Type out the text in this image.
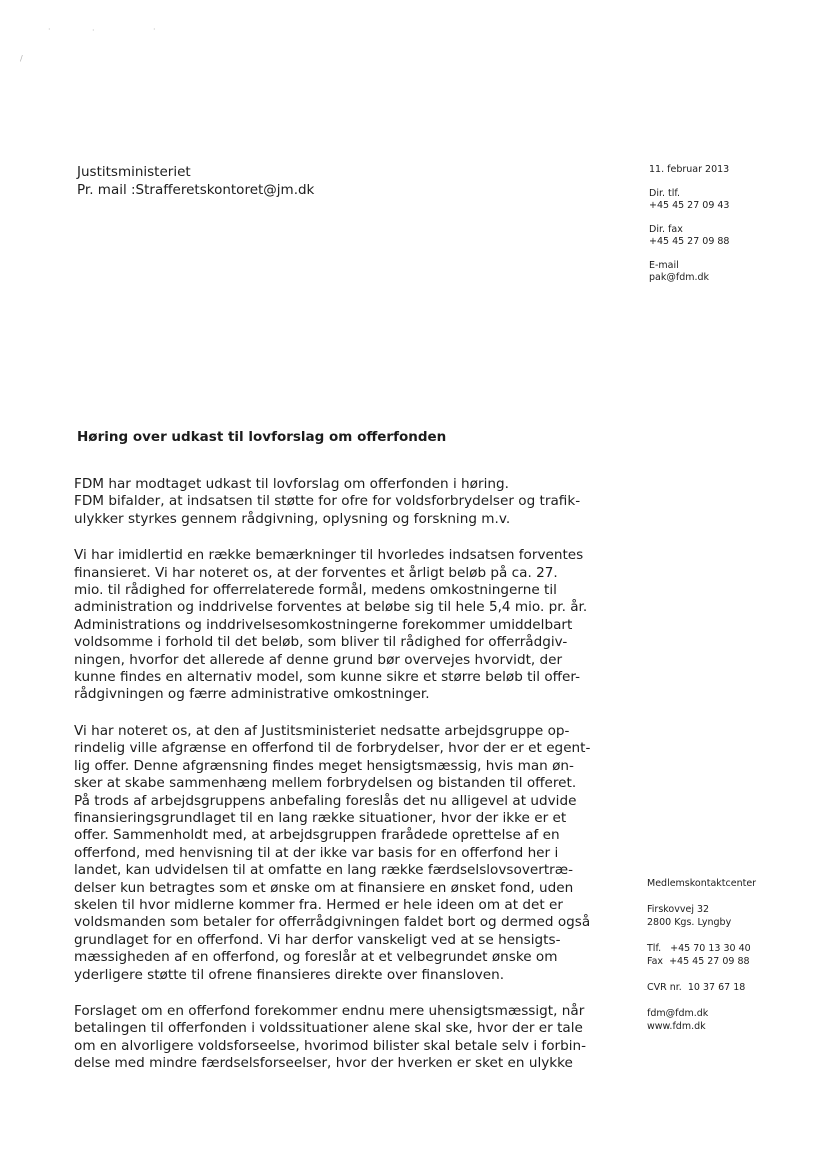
·	·	·
/
Justitsministeriet
Pr. mail :Strafferetskontoret@jm.dk
11. februar 2013
Dir. tlf.
+45 45 27 09 43
Dir. fax
+45 45 27 09 88
E-mail
pak@fdm.dk
Høring over udkast til lovforslag om offerfonden
FDM har modtaget udkast til lovforslag om offerfonden i høring.
FDM bifalder, at indsatsen til støtte for ofre for voldsforbrydelser og trafik-
ulykker styrkes gennem rådgivning, oplysning og forskning m.v.
Vi har imidlertid en række bemærkninger til hvorledes indsatsen forventes
finansieret. Vi har noteret os, at der forventes et årligt beløb på ca. 27.
mio. til rådighed for offerrelaterede formål, medens omkostningerne til
administration og inddrivelse forventes at beløbe sig til hele 5,4 mio. pr. år.
Administrations og inddrivelsesomkostningerne forekommer umiddelbart
voldsomme i forhold til det beløb, som bliver til rådighed for offerrådgiv-
ningen, hvorfor det allerede af denne grund bør overvejes hvorvidt, der
kunne findes en alternativ model, som kunne sikre et større beløb til offer-
rådgivningen og færre administrative omkostninger.
Vi har noteret os, at den af Justitsministeriet nedsatte arbejdsgruppe op-
rindelig ville afgrænse en offerfond til de forbrydelser, hvor der er et egent-
lig offer. Denne afgrænsning findes meget hensigtsmæssig, hvis man øn-
sker at skabe sammenhæng mellem forbrydelsen og bistanden til offeret.
På trods af arbejdsgruppens anbefaling foreslås det nu alligevel at udvide
finansieringsgrundlaget til en lang række situationer, hvor der ikke er et
offer. Sammenholdt med, at arbejdsgruppen frarådede oprettelse af en
offerfond, med henvisning til at der ikke var basis for en offerfond her i
landet, kan udvidelsen til at omfatte en lang række færdselslovsovertræ-
delser kun betragtes som et ønske om at finansiere en ønsket fond, uden
skelen til hvor midlerne kommer fra. Hermed er hele ideen om at det er
voldsmanden som betaler for offerrådgivningen faldet bort og dermed også
grundlaget for en offerfond. Vi har derfor vanskeligt ved at se hensigts-
mæssigheden af en offerfond, og foreslår at et velbegrundet ønske om
yderligere støtte til ofrene finansieres direkte over finansloven.
Forslaget om en offerfond forekommer endnu mere uhensigtsmæssigt, når
betalingen til offerfonden i voldssituationer alene skal ske, hvor der er tale
om en alvorligere voldsforseelse, hvorimod bilister skal betale selv i forbin-
delse med mindre færdselsforseelser, hvor der hverken er sket en ulykke
Medlemskontaktcenter
Firskovvej 32
2800 Kgs. Lyngby
Tlf.   +45 70 13 30 40
Fax  +45 45 27 09 88
CVR nr.  10 37 67 18
fdm@fdm.dk
www.fdm.dk
